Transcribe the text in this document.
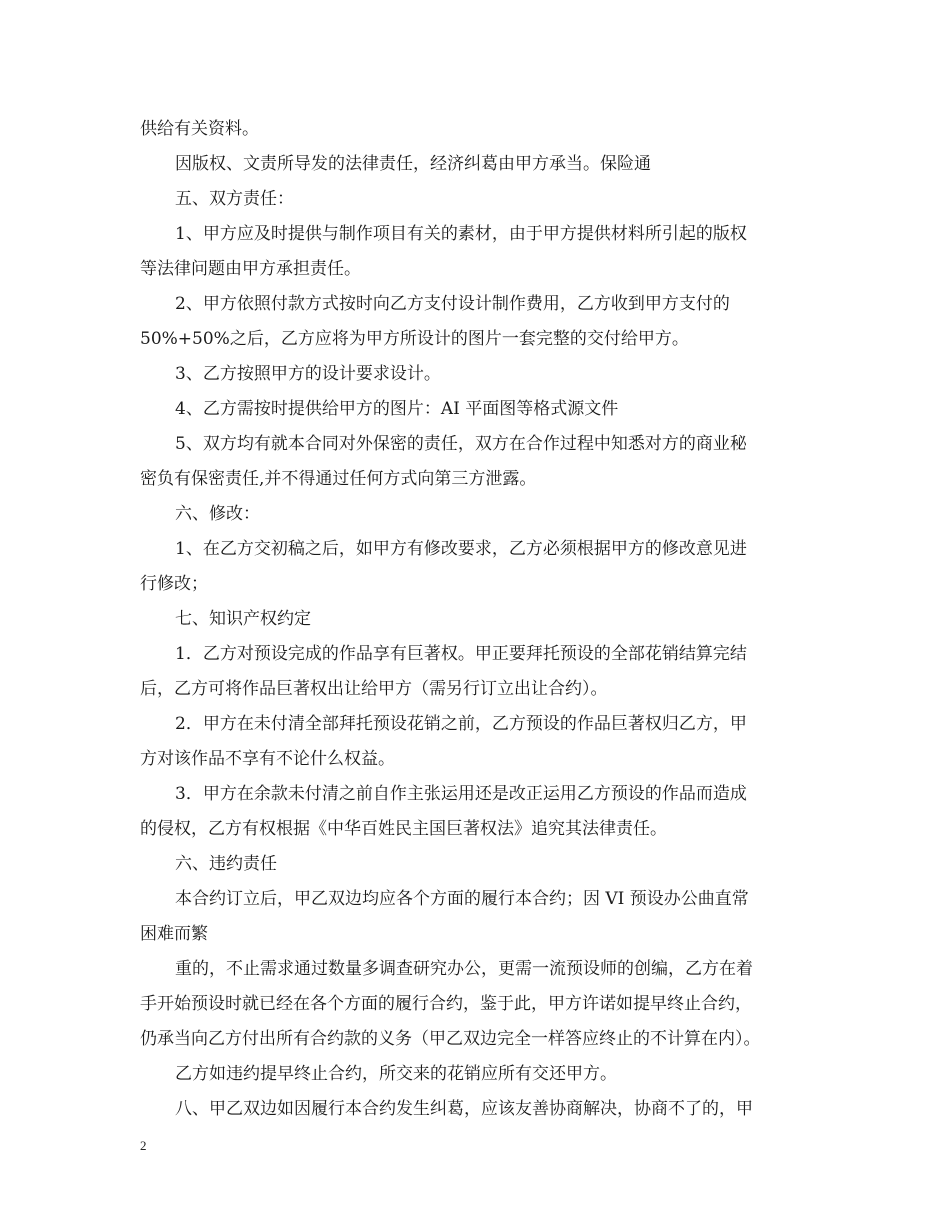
供给有关资料。
因版权、文责所导发的法律责任，经济纠葛由甲方承当。保险通
五、双方责任：
1、甲方应及时提供与制作项目有关的素材，由于甲方提供材料所引起的版权
等法律问题由甲方承担责任。
2、甲方依照付款方式按时向乙方支付设计制作费用，乙方收到甲方支付的
50%+50%之后，乙方应将为甲方所设计的图片一套完整的交付给甲方。
3、乙方按照甲方的设计要求设计。
4、乙方需按时提供给甲方的图片：AI 平面图等格式源文件
5、双方均有就本合同对外保密的责任，双方在合作过程中知悉对方的商业秘
密负有保密责任,并不得通过任何方式向第三方泄露。
六、修改：
1、在乙方交初稿之后，如甲方有修改要求，乙方必须根据甲方的修改意见进
行修改；
七、知识产权约定
1．乙方对预设完成的作品享有巨著权。甲正要拜托预设的全部花销结算完结
后，乙方可将作品巨著权出让给甲方（需另行订立出让合约）。
2．甲方在未付清全部拜托预设花销之前，乙方预设的作品巨著权归乙方，甲
方对该作品不享有不论什么权益。
3．甲方在余款未付清之前自作主张运用还是改正运用乙方预设的作品而造成
的侵权，乙方有权根据《中华百姓民主国巨著权法》追究其法律责任。
六、违约责任
本合约订立后，甲乙双边均应各个方面的履行本合约；因 VI 预设办公曲直常
困难而繁
重的，不止需求通过数量多调查研究办公，更需一流预设师的创编，乙方在着
手开始预设时就已经在各个方面的履行合约，鉴于此，甲方许诺如提早终止合约，
仍承当向乙方付出所有合约款的义务（甲乙双边完全一样答应终止的不计算在内）。
乙方如违约提早终止合约，所交来的花销应所有交还甲方。
八、甲乙双边如因履行本合约发生纠葛，应该友善协商解决，协商不了的，甲
2
